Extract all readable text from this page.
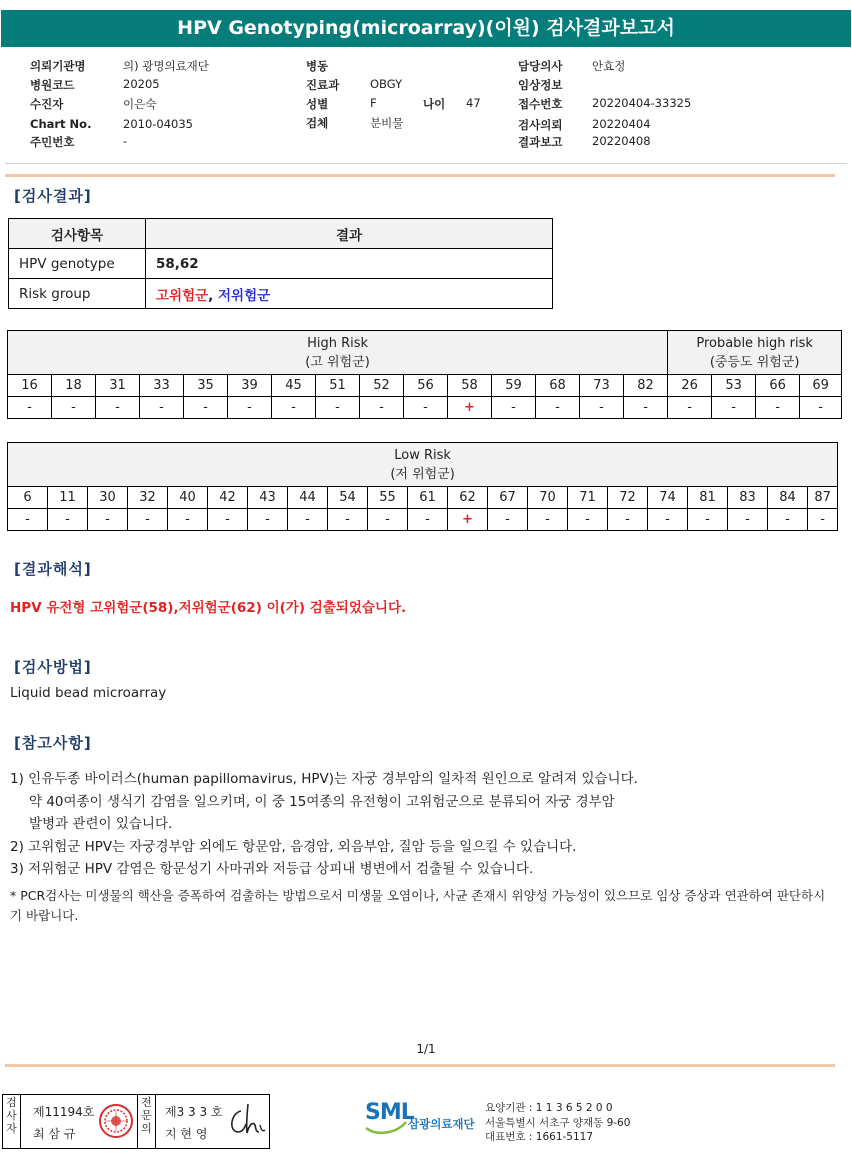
HPV Genotyping(microarray)(이원) 검사결과보고서
의뢰기관명	의) 광명의료재단
병원코드	20205
수진자	이은숙
Chart No.	2010-04035
주민번호	-
병동
진료과	OBGY
성별	F	나이 47
검체	분비물
담당의사	안효정
임상정보
접수번호	20220404-33325
검사의뢰	20220404
결과보고	20220408
[검사결과]
검사항목	결과
HPV genotype	58,62
Risk group	고위험군, 저위험군
High Risk
(고 위험군)															Probable high risk
(중등도 위험군)			
16	18	31	33	35	39	45	51	52	56	58	59	68	73	82	26	53	66	69
-	-	-	-	-	-	-	-	-	-	+	-	-	-	-	-	-	-	-
Low Risk
(저 위험군)																				
6	11	30	32	40	42	43	44	54	55	61	62	67	70	71	72	74	81	83	84	87
-	-	-	-	-	-	-	-	-	-	-	+	-	-	-	-	-	-	-	-	-
[결과해석]
HPV 유전형 고위험군(58),저위험군(62) 이(가) 검출되었습니다.
[검사방법]
Liquid bead microarray
[참고사항]
1) 인유두종 바이러스(human papillomavirus, HPV)는 자궁 경부암의 일차적 원인으로 알려져 있습니다.
약 40여종이 생식기 감염을 일으키며, 이 중 15여종의 유전형이 고위험군으로 분류되어 자궁 경부암
발병과 관련이 있습니다.
2) 고위험군 HPV는 자궁경부암 외에도 항문암, 음경암, 외음부암, 질암 등을 일으킬 수 있습니다.
3) 저위험군 HPV 감염은 항문성기 사마귀와 저등급 상피내 병변에서 검출될 수 있습니다.
* PCR검사는 미생물의 핵산을 증폭하여 검출하는 방법으로서 미생물 오염이나, 사균 존재시 위양성 가능성이 있으므로 임상 증상과 연관하여 판단하시기 바랍니다.
1/1
검사자
제11194호
최 삼 규
전문의
제3 3 3 호
지 현 영
SML
삼광의료재단
요양기관 : 1 1 3 6 5 2 0 0
서울특별시 서초구 양재동 9-60
대표번호 : 1661-5117
